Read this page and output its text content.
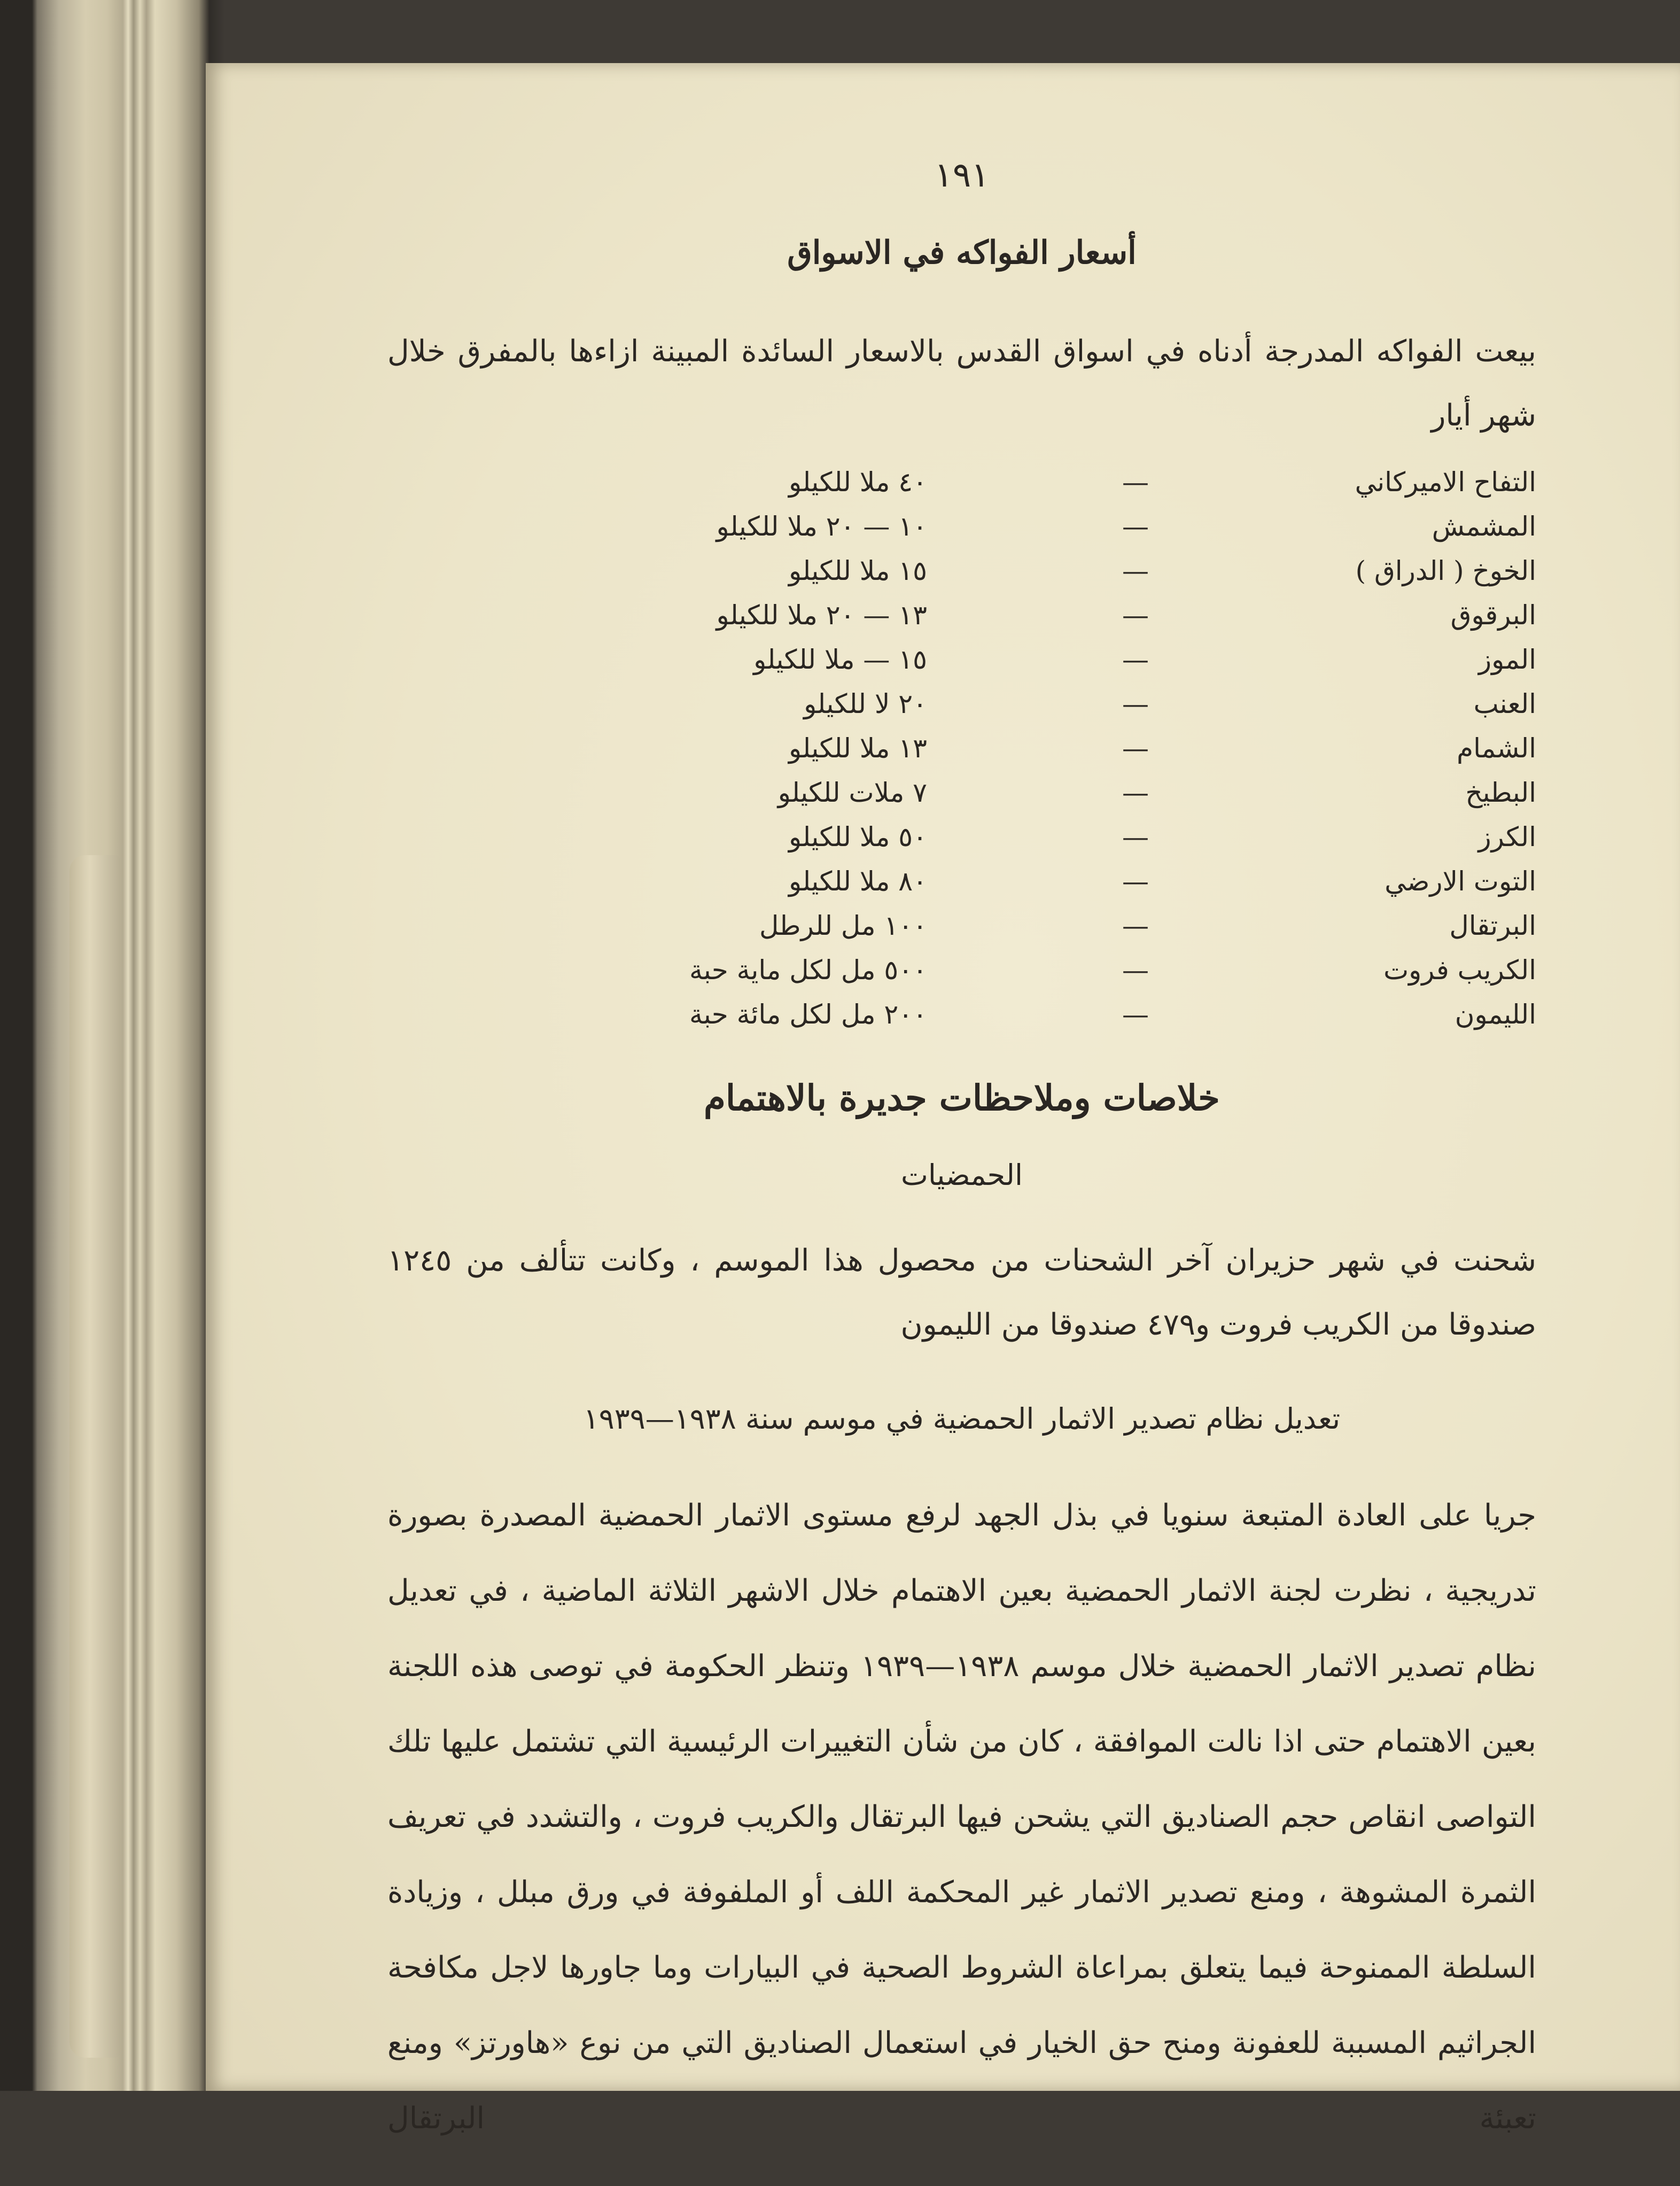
١٩١
أسعار الفواكه في الاسواق

بيعت الفواكه المدرجة أدناه في اسواق القدس بالاسعار السائدة المبينة ازاءها بالمفرق خلال شهر أيار

التفاح الاميركاني	—	٤٠ ملا للكيلو
المشمش	—	١٠ — ٢٠ ملا للكيلو
الخوخ ( الدراق )	—	١٥ ملا للكيلو
البرقوق	—	١٣ — ٢٠ ملا للكيلو
الموز	—	١٥ — ملا للكيلو
العنب	—	٢٠ لا للكيلو
الشمام	—	١٣ ملا للكيلو
البطيخ	—	٧ ملات للكيلو
الكرز	—	٥٠ ملا للكيلو
التوت الارضي	—	٨٠ ملا للكيلو
البرتقال	—	١٠٠ مل للرطل
الكريب فروت	—	٥٠٠ مل لكل ماية حبة
الليمون	—	٢٠٠ مل لكل مائة حبة
خلاصات وملاحظات جديرة بالاهتمام
الحمضيات

شحنت في شهر حزيران آخر الشحنات من محصول هذا الموسم ، وكانت تتألف من ١٢٤٥ صندوقا من الكريب فروت و٤٧٩ صندوقا من الليمون

تعديل نظام تصدير الاثمار الحمضية في موسم سنة ١٩٣٨—١٩٣٩

جريا على العادة المتبعة سنويا في بذل الجهد لرفع مستوى الاثمار الحمضية المصدرة بصورة تدريجية ، نظرت لجنة الاثمار الحمضية بعين الاهتمام خلال الاشهر الثلاثة الماضية ، في تعديل نظام تصدير الاثمار الحمضية خلال موسم ١٩٣٨—١٩٣٩ وتنظر الحكومة في توصى هذه اللجنة بعين الاهتمام حتى اذا نالت الموافقة ، كان من شأن التغييرات الرئيسية التي تشتمل عليها تلك التواصى انقاص حجم الصناديق التي يشحن فيها البرتقال والكريب فروت ، والتشدد في تعريف الثمرة المشوهة ، ومنع تصدير الاثمار غير المحكمة اللف أو الملفوفة في ورق مبلل ، وزيادة السلطة الممنوحة فيما يتعلق بمراعاة الشروط الصحية في البيارات وما جاورها لاجل مكافحة الجراثيم المسببة للعفونة ومنح حق الخيار في استعمال الصناديق التي من نوع «هاورتز» ومنع تعبئة البرتقال
